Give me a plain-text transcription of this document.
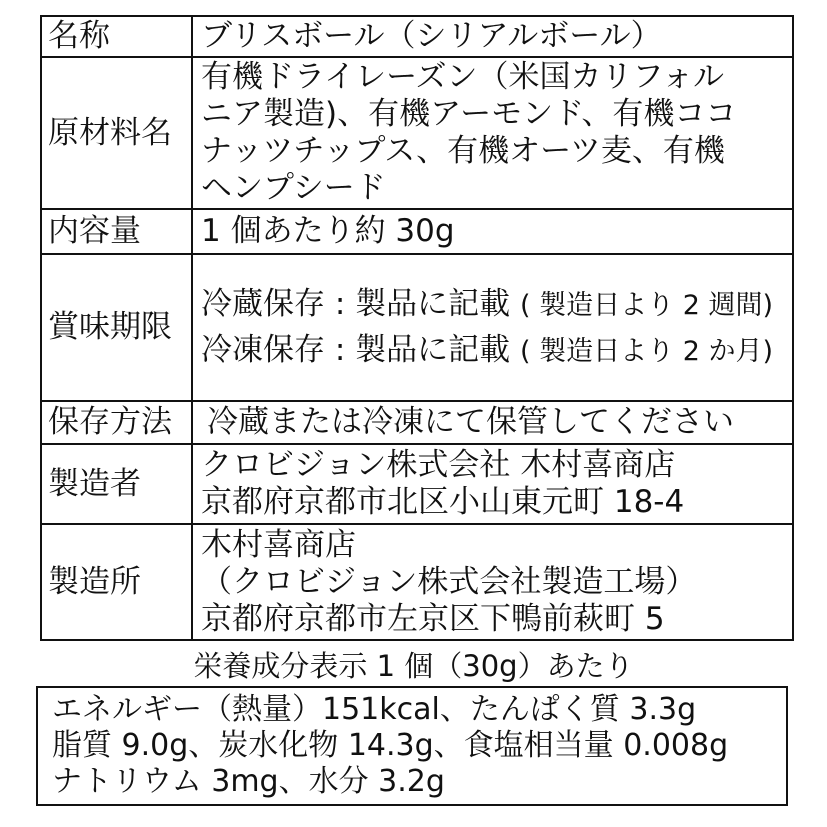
名称	ブリスボール（シリアルボール）
原材料名	有機ドライレーズン（米国カリフォル
ニア製造)、有機アーモンド、有機ココ
ナッツチップス、有機オーツ麦、有機
ヘンプシード

内容量	1 個あたり約 30g
賞味期限	冷蔵保存 : 製品に記載 ( 製造日より 2 週間)
冷凍保存 : 製品に記載 ( 製造日より 2 か月)

保存方法	冷蔵または冷凍にて保管してください
製造者	クロビジョン株式会社 木村喜商店
京都府京都市北区小山東元町 18-4

製造所	木村喜商店
（クロビジョン株式会社製造工場）
京都府京都市左京区下鴨前萩町 5
栄養成分表示 1 個（30g）あたり
エネルギー（熱量）151kcal、たんぱく質 3.3g
脂質 9.0g、炭水化物 14.3g、食塩相当量 0.008g
ナトリウム 3mg、水分 3.2g
